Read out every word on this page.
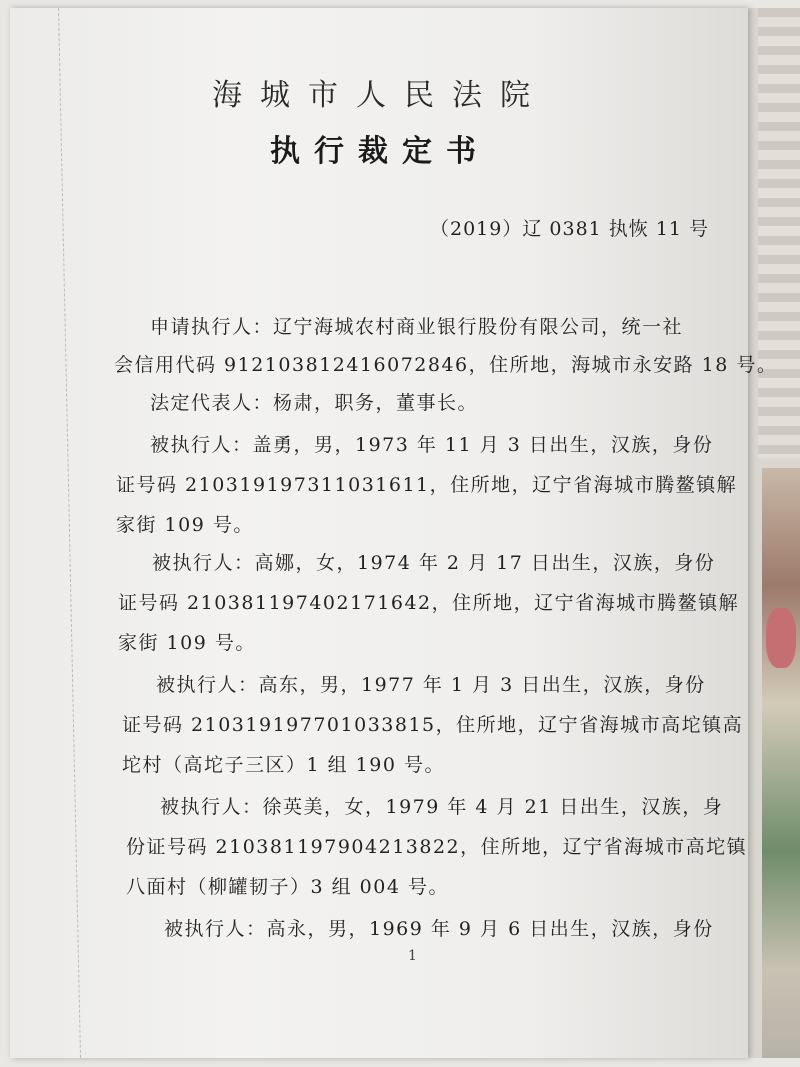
海城市人民法院
执行裁定书
（2019）辽 0381 执恢 11 号
申请执行人：辽宁海城农村商业银行股份有限公司，统一社
会信用代码 912103812416072846，住所地，海城市永安路 18 号。
法定代表人：杨肃，职务，董事长。
被执行人：盖勇，男，1973 年 11 月 3 日出生，汉族，身份
证号码 210319197311031611，住所地，辽宁省海城市腾鳌镇解
家街 109 号。
被执行人：高娜，女，1974 年 2 月 17 日出生，汉族，身份
证号码 210381197402171642，住所地，辽宁省海城市腾鳌镇解
家街 109 号。
被执行人：高东，男，1977 年 1 月 3 日出生，汉族，身份
证号码 210319197701033815，住所地，辽宁省海城市高坨镇高
坨村（高坨子三区）1 组 190 号。
被执行人：徐英美，女，1979 年 4 月 21 日出生，汉族，身
份证号码 210381197904213822，住所地，辽宁省海城市高坨镇
八面村（柳罐韧子）3 组 004 号。
被执行人：高永，男，1969 年 9 月 6 日出生，汉族，身份
1
